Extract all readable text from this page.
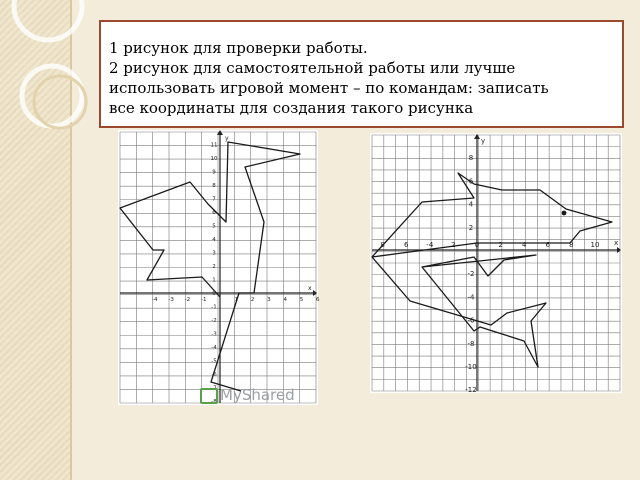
1 рисунок для проверки работы.
2 рисунок для самостоятельной работы или лучше
использовать игровой момент – по командам: записать
все координаты для создания такого рисунка
11
10
9
8
7
6
5
4
3
2
1
0
-1
-2
-3
-4
-5
-6
-7
-8
-4 -3 -2 -1	1 2 3 4 5 6
x
y
8
6
4
2
-2
-4
-6
-8
-10
-12
8	6	-4	2	0	2	4	6	8 10 x
y
MyShared
